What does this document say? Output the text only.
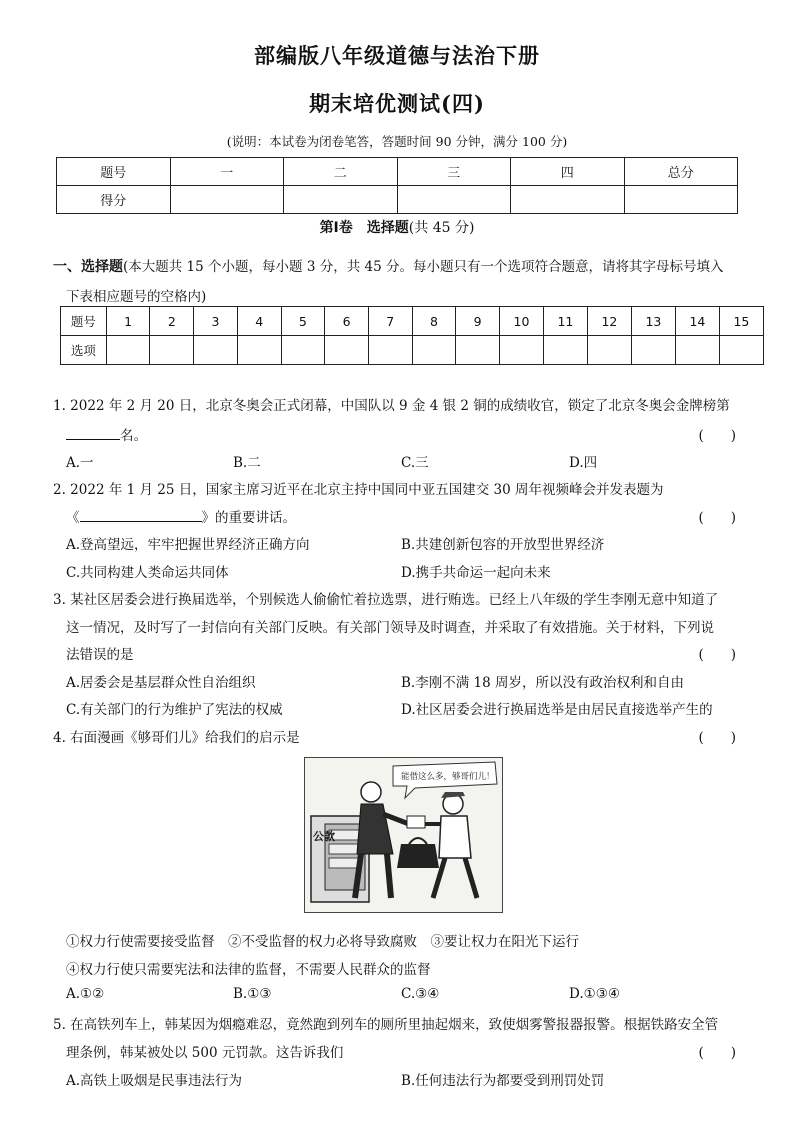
部编版八年级道德与法治下册
期末培优测试(四)
(说明：本试卷为闭卷笔答，答题时间 90 分钟，满分 100 分)
题号	一	二	三	四	总分
得分					
第Ⅰ卷　选择题(共 45 分)
一、选择题(本大题共 15 个小题，每小题 3 分，共 45 分。每小题只有一个选项符合题意，请将其字母标号填入
下表相应题号的空格内)
题号	1	2	3	4	5	6	7	8	9	10	11	12	13	14	15
选项															
1. 2022 年 2 月 20 日，北京冬奥会正式闭幕，中国队以 9 金 4 银 2 铜的成绩收官，锁定了北京冬奥会金牌榜第
名。	(　　)
A.一	B.二	C.三	D.四
2. 2022 年 1 月 25 日，国家主席习近平在北京主持中国同中亚五国建交 30 周年视频峰会并发表题为
《	》的重要讲话。	(　　)
A.登高望远，牢牢把握世界经济正确方向	B.共建创新包容的开放型世界经济
C.共同构建人类命运共同体	D.携手共命运一起向未来
3. 某社区居委会进行换届选举，个别候选人偷偷忙着拉选票，进行贿选。已经上八年级的学生李刚无意中知道了
这一情况，及时写了一封信向有关部门反映。有关部门领导及时调查，并采取了有效措施。关于材料，下列说
法错误的是	(　　)
A.居委会是基层群众性自治组织	B.李刚不满 18 周岁，所以没有政治权利和自由
C.有关部门的行为维护了宪法的权威	D.社区居委会进行换届选举是由居民直接选举产生的
4. 右面漫画《够哥们儿》给我们的启示是	(　　)
能借这么多，够哥们儿！
公款
①权力行使需要接受监督　②不受监督的权力必将导致腐败　③要让权力在阳光下运行
④权力行使只需要宪法和法律的监督，不需要人民群众的监督
A.①②	B.①③	C.③④	D.①③④
5. 在高铁列车上，韩某因为烟瘾难忍，竟然跑到列车的厕所里抽起烟来，致使烟雾警报器报警。根据铁路安全管
理条例，韩某被处以 500 元罚款。这告诉我们	(　　)
A.高铁上吸烟是民事违法行为	B.任何违法行为都要受到刑罚处罚
